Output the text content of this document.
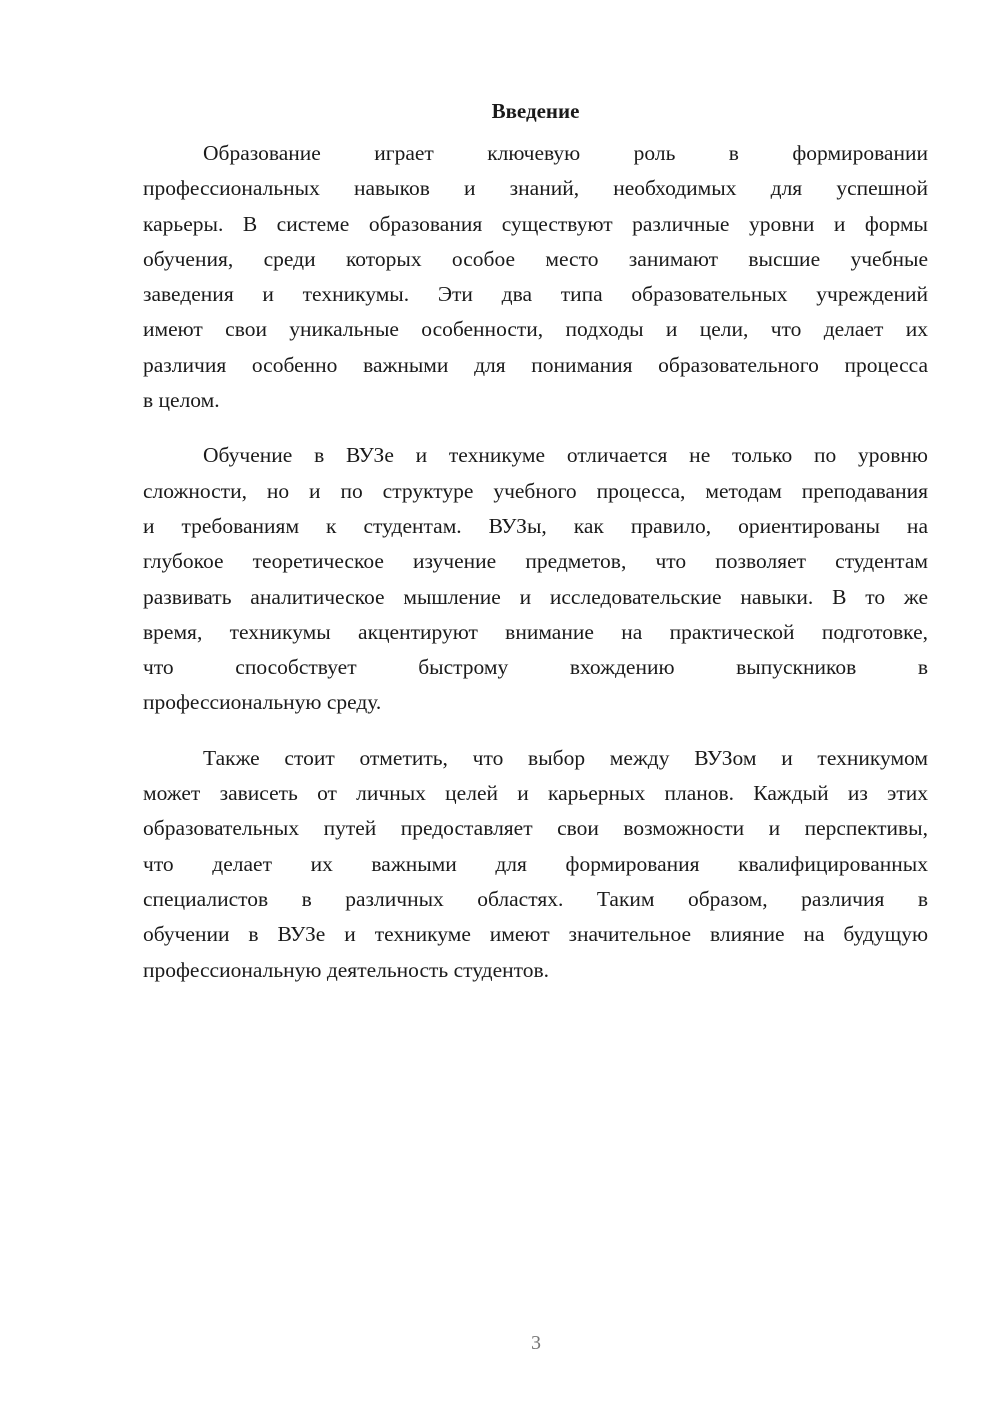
Введение
Образование играет ключевую роль в формировании
профессиональных навыков и знаний, необходимых для успешной
карьеры. В системе образования существуют различные уровни и формы
обучения, среди которых особое место занимают высшие учебные
заведения и техникумы. Эти два типа образовательных учреждений
имеют свои уникальные особенности, подходы и цели, что делает их
различия особенно важными для понимания образовательного процесса
в целом.
Обучение в ВУЗе и техникуме отличается не только по уровню
сложности, но и по структуре учебного процесса, методам преподавания
и требованиям к студентам. ВУЗы, как правило, ориентированы на
глубокое теоретическое изучение предметов, что позволяет студентам
развивать аналитическое мышление и исследовательские навыки. В то же
время, техникумы акцентируют внимание на практической подготовке,
что способствует быстрому вхождению выпускников в
профессиональную среду.
Также стоит отметить, что выбор между ВУЗом и техникумом
может зависеть от личных целей и карьерных планов. Каждый из этих
образовательных путей предоставляет свои возможности и перспективы,
что делает их важными для формирования квалифицированных
специалистов в различных областях. Таким образом, различия в
обучении в ВУЗе и техникуме имеют значительное влияние на будущую
профессиональную деятельность студентов.
3
